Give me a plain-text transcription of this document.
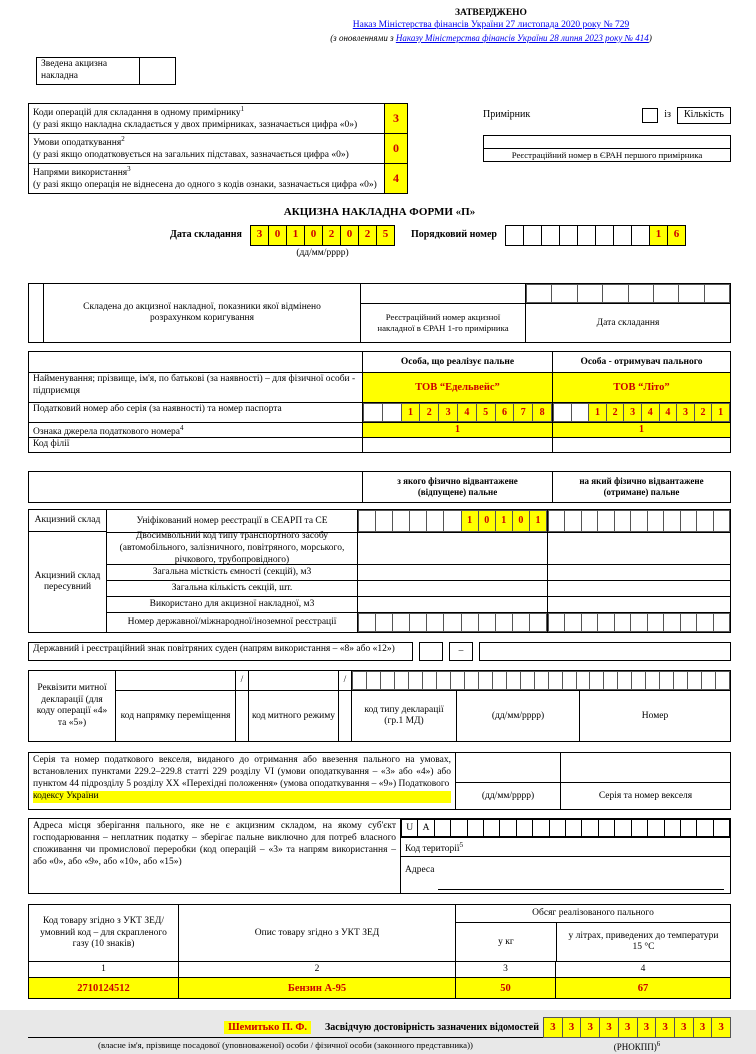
ЗАТВЕРДЖЕНО
Наказ Міністерства фінансів України 27 листопада 2020 року № 729
(з оновленнями з Наказу Міністерства фінансів України 28 липня 2023 року № 414)
Зведена акцизна накладна
Коди операцій для складання в одному примірнику$^1$
(у разі якщо накладна складається у двох примірниках, зазначається цифра «0»)
3
Умови оподаткування$^2$
(у разі якщо оподатковується на загальних підставах, зазначається цифра «0»)
0
Напрями використання$^3$
(у разі якщо операція не віднесена до одного з кодів ознаки, зазначається цифра «0»)
4
Примірник	із	Кількість
Реєстраційний номер в ЄРАН першого примірника
АКЦИЗНА НАКЛАДНА ФОРМИ «П»
Дата складання	3	0	1	0	2	0	2	5
(дд/мм/рррр)
Порядковий номер	1	6
Складена до акцизної накладної, показники якої відмінено розрахунком коригування	Реєстраційний номер акцизної накладної в ЄРАН 1-го примірника
Дата складання
Особа, що реалізує пальне	Особа - отримувач пального
Найменування; прізвище, ім'я, по батькові (за наявності) – для фізичної особи - підприємця	ТОВ “Едельвейс”	ТОВ “Літо”
Податковий номер або серія (за наявності) та номер паспорта	1	2	3	4	5	6	7	8	1	2	3	4	4	3	2	1
Ознака джерела податкового номера$^4$	1	1
Код філії
з якого фізично відвантажене (відпущене) пальне
на який фізично відвантажене (отримане) пальне
Акцизний склад
Акцизний склад пересувний
Уніфікований номер реєстрації в СЕАРП та СЕ	1	0	1	0	1
Двосимвольний код типу транспортного засобу (автомобільного, залізничного, повітряного, морського, річкового, трубопровідного)
Загальна місткість ємності (секцій), м3
Загальна кількість секцій, шт.
Використано для акцизної накладної, м3
Номер державної/міжнародної/іноземної реєстрації
Державний і реєстраційний знак повітряних суден (напрям використання – «8» або «12»)	–
Реквізити митної декларації (для коду операції «4» та «5»)
/	/
код напрямку переміщення	код митного режиму
код типу декларації (гр.1 МД)
(дд/мм/рррр)	Номер
Серія та номер податкового векселя, виданого до отримання або ввезення пального на умовах, встановлених пунктами 229.2–229.8 статті 229 розділу VI (умови оподаткування – «3» або «4») або пунктом 44 підрозділу 5 розділу XX «Перехідні положення» (умова оподаткування – «9») Податкового
кодексу України	(дд/мм/рррр)	Серія та номер векселя
Адреса місця зберігання пального, яке не є акцизним складом, на якому суб'єкт господарювання – неплатник податку – зберігає пальне виключно для потреб власного споживання чи промислової переробки (код операцій – «3» та напрям використання – або «0», або «9», або «10», або «15»)
U	A
Код території$^5$
Адреса
Код товару згідно з УКТ ЗЕД/ умовний код – для скрапленого газу (10 знаків)
Опис товару згідно з УКТ ЗЕД
Обсяг реалізованого пального
у кг
у літрах, приведених до температури 15 °С
1	2	3	4
2710124512	Бензин А-95	50	67
Шемитько П. Ф.	Засвідчую достовірність зазначених відомостей	3	3	3	3	3	3	3	3	3	3
(власне ім'я, прізвище посадової (уповноваженої) особи / фізичної особи (законного представника))	(РНОКПП)$^6$
